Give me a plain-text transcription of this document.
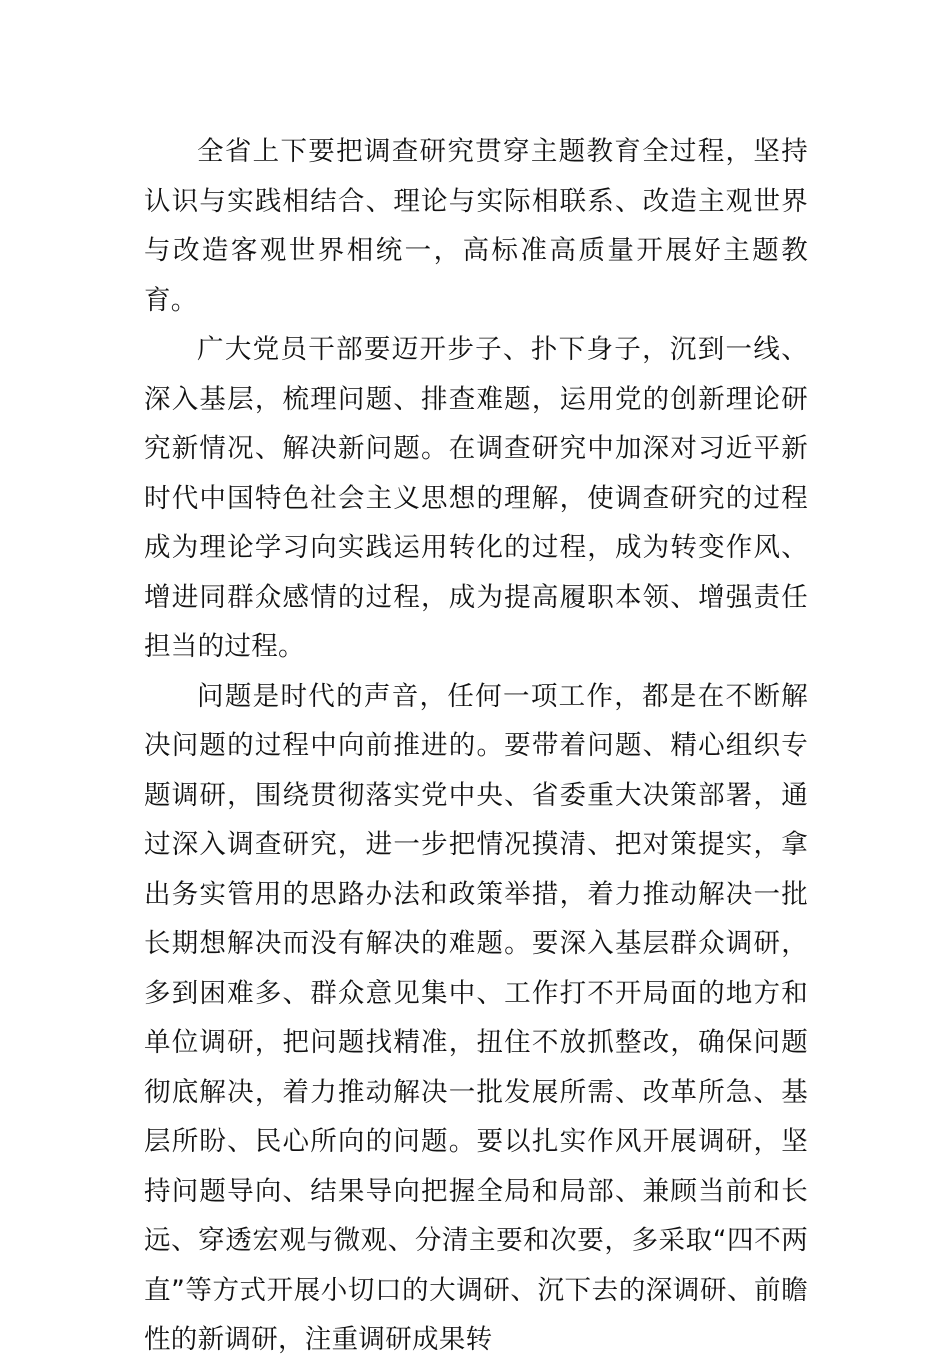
全省上下要把调查研究贯穿主题教育全过程，坚持认识与实践相结合、理论与实际相联系、改造主观世界与改造客观世界相统一，高标准高质量开展好主题教育。

广大党员干部要迈开步子、扑下身子，沉到一线、深入基层，梳理问题、排查难题，运用党的创新理论研究新情况、解决新问题。在调查研究中加深对习近平新时代中国特色社会主义思想的理解，使调查研究的过程成为理论学习向实践运用转化的过程，成为转变作风、增进同群众感情的过程，成为提高履职本领、增强责任担当的过程。

问题是时代的声音，任何一项工作，都是在不断解决问题的过程中向前推进的。要带着问题、精心组织专题调研，围绕贯彻落实党中央、省委重大决策部署，通过深入调查研究，进一步把情况摸清、把对策提实，拿出务实管用的思路办法和政策举措，着力推动解决一批长期想解决而没有解决的难题。要深入基层群众调研，多到困难多、群众意见集中、工作打不开局面的地方和单位调研，把问题找精准，扭住不放抓整改，确保问题彻底解决，着力推动解决一批发展所需、改革所急、基层所盼、民心所向的问题。要以扎实作风开展调研，坚持问题导向、结果导向把握全局和局部、兼顾当前和长远、穿透宏观与微观、分清主要和次要，多采取“四不两直”等方式开展小切口的大调研、沉下去的深调研、前瞻性的新调研，注重调研成果转
